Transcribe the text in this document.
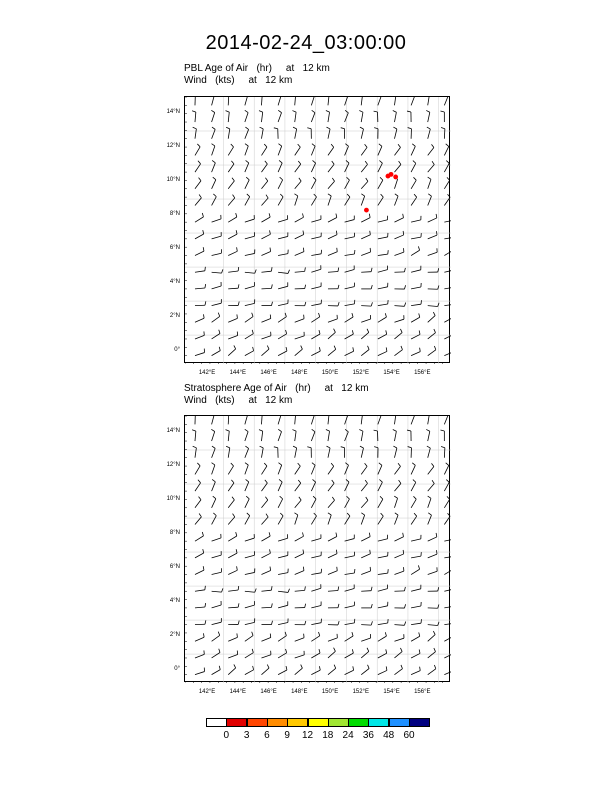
2014-02-24_03:00:00
PBL Age of Air   (hr)     at   12 km
Wind   (kts)     at   12 km
0°
2°N
4°N
6°N
8°N
10°N
12°N
14°N
142°E	144°E	146°E	148°E	150°E	152°E	154°E	156°E
Stratosphere Age of Air   (hr)     at   12 km
Wind   (kts)     at   12 km
0°
2°N
4°N
6°N
8°N
10°N
12°N
14°N
142°E	144°E	146°E	148°E	150°E	152°E	154°E	156°E
0	3	6	9	12 18 24 36 48 60
